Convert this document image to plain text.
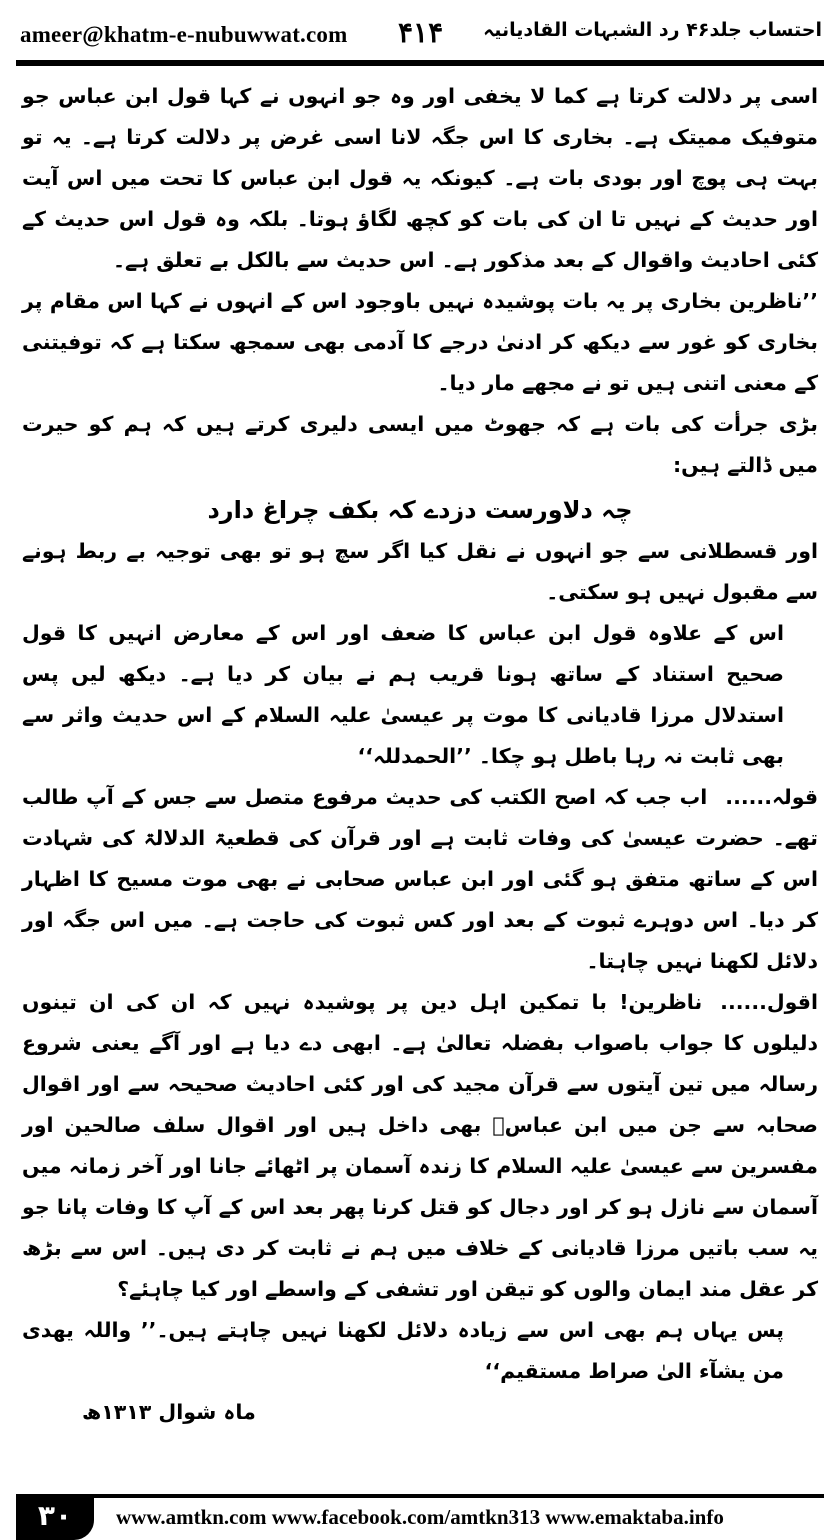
ameer@khatm-e-nubuwwat.com ۴۱۴ احتساب جلد۴۶ رد الشبہات القادیانیہ

اسی پر دلالت کرتا ہے کما لا یخفی اور وہ جو انہوں نے کہا قول ابن عباس جو متوفیک ممیتک ہے۔ بخاری کا اس جگہ لانا اسی غرض پر دلالت کرتا ہے۔ یہ تو بہت ہی پوچ اور بودی بات ہے۔ کیونکہ یہ قول ابن عباس کا تحت میں اس آیت اور حدیث کے نہیں تا ان کی بات کو کچھ لگاؤ ہوتا۔ بلکہ وہ قول اس حدیث کے کئی احادیث واقوال کے بعد مذکور ہے۔ اس حدیث سے بالکل بے تعلق ہے۔

’’ناظرین بخاری پر یہ بات پوشیدہ نہیں باوجود اس کے انہوں نے کہا اس مقام پر بخاری کو غور سے دیکھ کر ادنیٰ درجے کا آدمی بھی سمجھ سکتا ہے کہ توفیتنی کے معنی اتنی ہیں تو نے مجھے مار دیا۔

بڑی جرأت کی بات ہے کہ جھوٹ میں ایسی دلیری کرتے ہیں کہ ہم کو حیرت میں ڈالتے ہیں:

چہ دلاورست دزدے کہ بکف چراغ دارد

اور قسطلانی سے جو انہوں نے نقل کیا اگر سچ ہو تو بھی توجیہ بے ربط ہونے سے مقبول نہیں ہو سکتی۔

اس کے علاوہ قول ابن عباس کا ضعف اور اس کے معارض انہیں کا قول صحیح استناد کے ساتھ ہونا قریب ہم نے بیان کر دیا ہے۔ دیکھ لیں پس استدلال مرزا قادیانی کا موت پر عیسیٰ علیہ السلام کے اس حدیث واثر سے بھی ثابت نہ رہا باطل ہو چکا۔ ’’الحمدللہ‘‘

قولہ......اب جب کہ اصح الکتب کی حدیث مرفوع متصل سے جس کے آپ طالب تھے۔ حضرت عیسیٰ کی وفات ثابت ہے اور قرآن کی قطعیۃ الدلالۃ کی شہادت اس کے ساتھ متفق ہو گئی اور ابن عباس صحابی نے بھی موت مسیح کا اظہار کر دیا۔ اس دوہرے ثبوت کے بعد اور کس ثبوت کی حاجت ہے۔ میں اس جگہ اور دلائل لکھنا نہیں چاہتا۔

اقول......ناظرین! با تمکین اہل دین پر پوشیدہ نہیں کہ ان کی ان تینوں دلیلوں کا جواب باصواب بفضلہ تعالیٰ ہے۔ ابھی دے دیا ہے اور آگے یعنی شروع رسالہ میں تین آیتوں سے قرآن مجید کی اور کئی احادیث صحیحہ سے اور اقوال صحابہ سے جن میں ابن عباسؓ بھی داخل ہیں اور اقوال سلف صالحین اور مفسرین سے عیسیٰ علیہ السلام کا زندہ آسمان پر اٹھائے جانا اور آخر زمانہ میں آسمان سے نازل ہو کر اور دجال کو قتل کرنا پھر بعد اس کے آپ کا وفات پانا جو یہ سب باتیں مرزا قادیانی کے خلاف میں ہم نے ثابت کر دی ہیں۔ اس سے بڑھ کر عقل مند ایمان والوں کو تیقن اور تشفی کے واسطے اور کیا چاہئے؟

پس یہاں ہم بھی اس سے زیادہ دلائل لکھنا نہیں چاہتے ہیں۔’’ واللہ یھدی من یشآء الیٰ صراط مستقیم‘‘

ماہ شوال ۱۳۱۳ھ
۳۰	www.amtkn.com www.facebook.com/amtkn313 www.emaktaba.info
